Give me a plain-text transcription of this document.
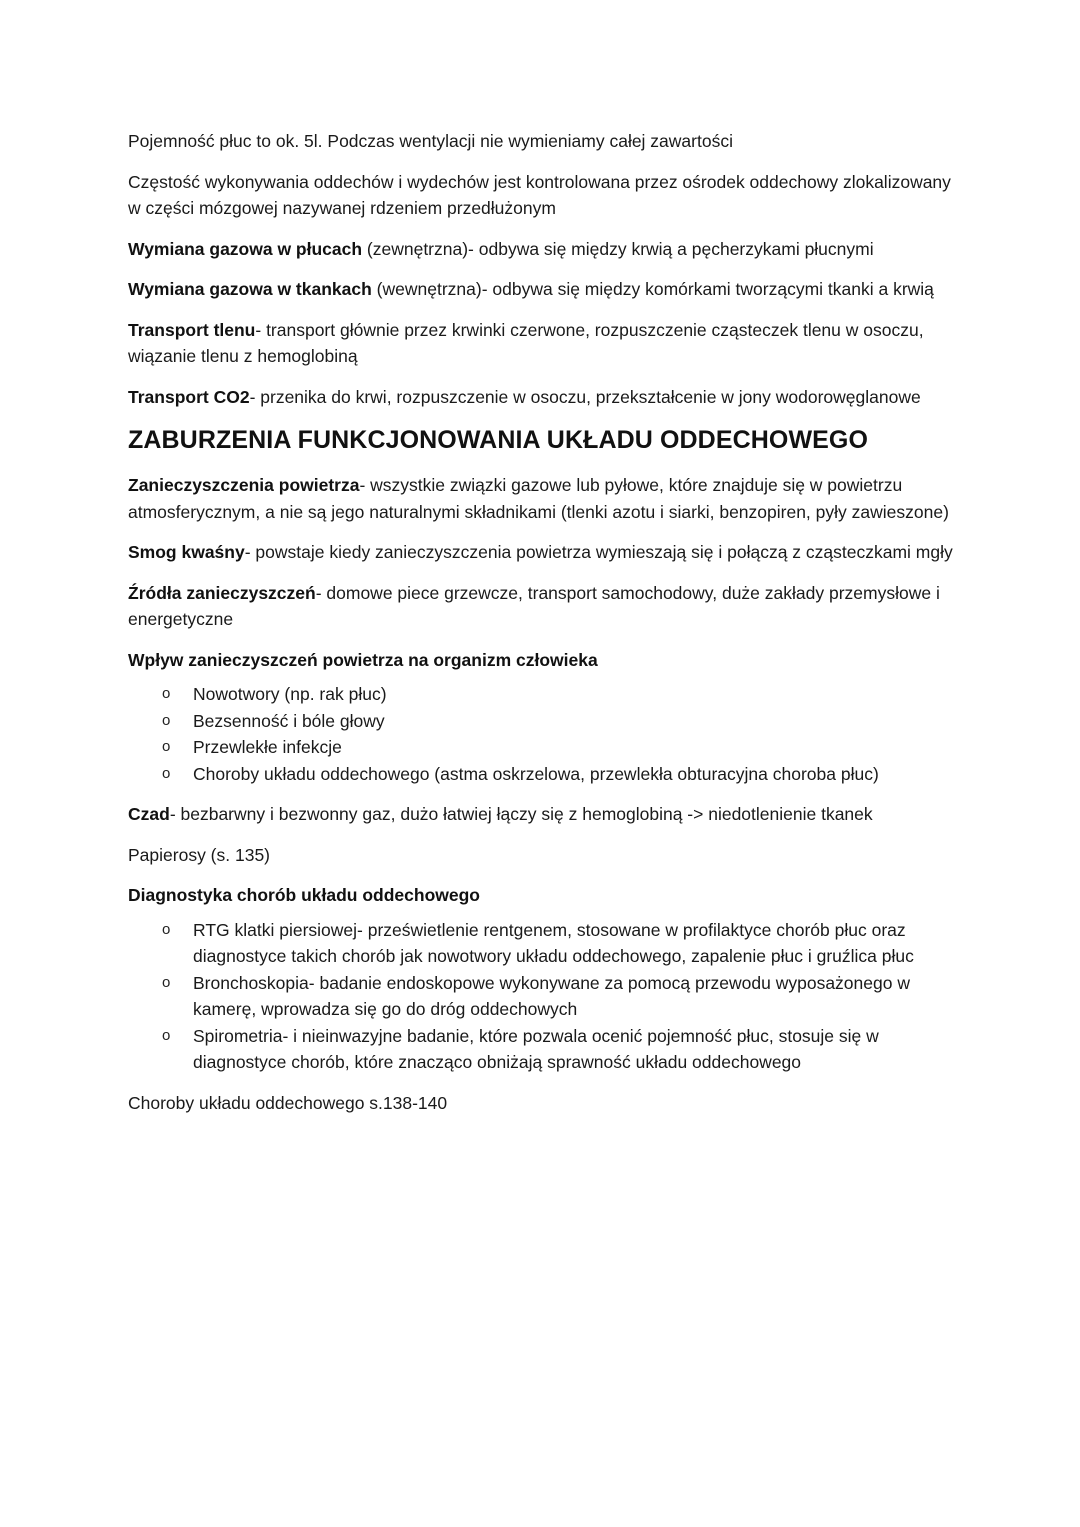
Pojemność płuc to ok. 5l. Podczas wentylacji nie wymieniamy całej zawartości

Częstość wykonywania oddechów i wydechów jest kontrolowana przez ośrodek oddechowy zlokalizowany w części mózgowej nazywanej rdzeniem przedłużonym

Wymiana gazowa w płucach (zewnętrzna)- odbywa się między krwią a pęcherzykami płucnymi

Wymiana gazowa w tkankach (wewnętrzna)- odbywa się między komórkami tworzącymi tkanki a krwią

Transport tlenu- transport głównie przez krwinki czerwone, rozpuszczenie cząsteczek tlenu w osoczu, wiązanie tlenu z hemoglobiną

Transport CO2- przenika do krwi, rozpuszczenie w osoczu, przekształcenie w jony wodorowęglanowe

ZABURZENIA FUNKCJONOWANIA UKŁADU ODDECHOWEGO

Zanieczyszczenia powietrza- wszystkie związki gazowe lub pyłowe, które znajduje się w powietrzu atmosferycznym, a nie są jego naturalnymi składnikami (tlenki azotu i siarki, benzopiren, pyły zawieszone)

Smog kwaśny- powstaje kiedy zanieczyszczenia powietrza wymieszają się i połączą z cząsteczkami mgły

Źródła zanieczyszczeń- domowe piece grzewcze, transport samochodowy, duże zakłady przemysłowe i energetyczne

Wpływ zanieczyszczeń powietrza na organizm człowieka

o Nowotwory (np. rak płuc)
o Bezsenność i bóle głowy
o Przewlekłe infekcje
o Choroby układu oddechowego (astma oskrzelowa, przewlekła obturacyjna choroba płuc)

Czad- bezbarwny i bezwonny gaz, dużo łatwiej łączy się z hemoglobiną -> niedotlenienie tkanek

Papierosy (s. 135)

Diagnostyka chorób układu oddechowego

o RTG klatki piersiowej- prześwietlenie rentgenem, stosowane w profilaktyce chorób płuc oraz diagnostyce takich chorób jak nowotwory układu oddechowego, zapalenie płuc i gruźlica płuc
o Bronchoskopia- badanie endoskopowe wykonywane za pomocą przewodu wyposażonego w kamerę, wprowadza się go do dróg oddechowych
o Spirometria- i nieinwazyjne badanie, które pozwala ocenić pojemność płuc, stosuje się w diagnostyce chorób, które znacząco obniżają sprawność układu oddechowego

Choroby układu oddechowego s.138-140
